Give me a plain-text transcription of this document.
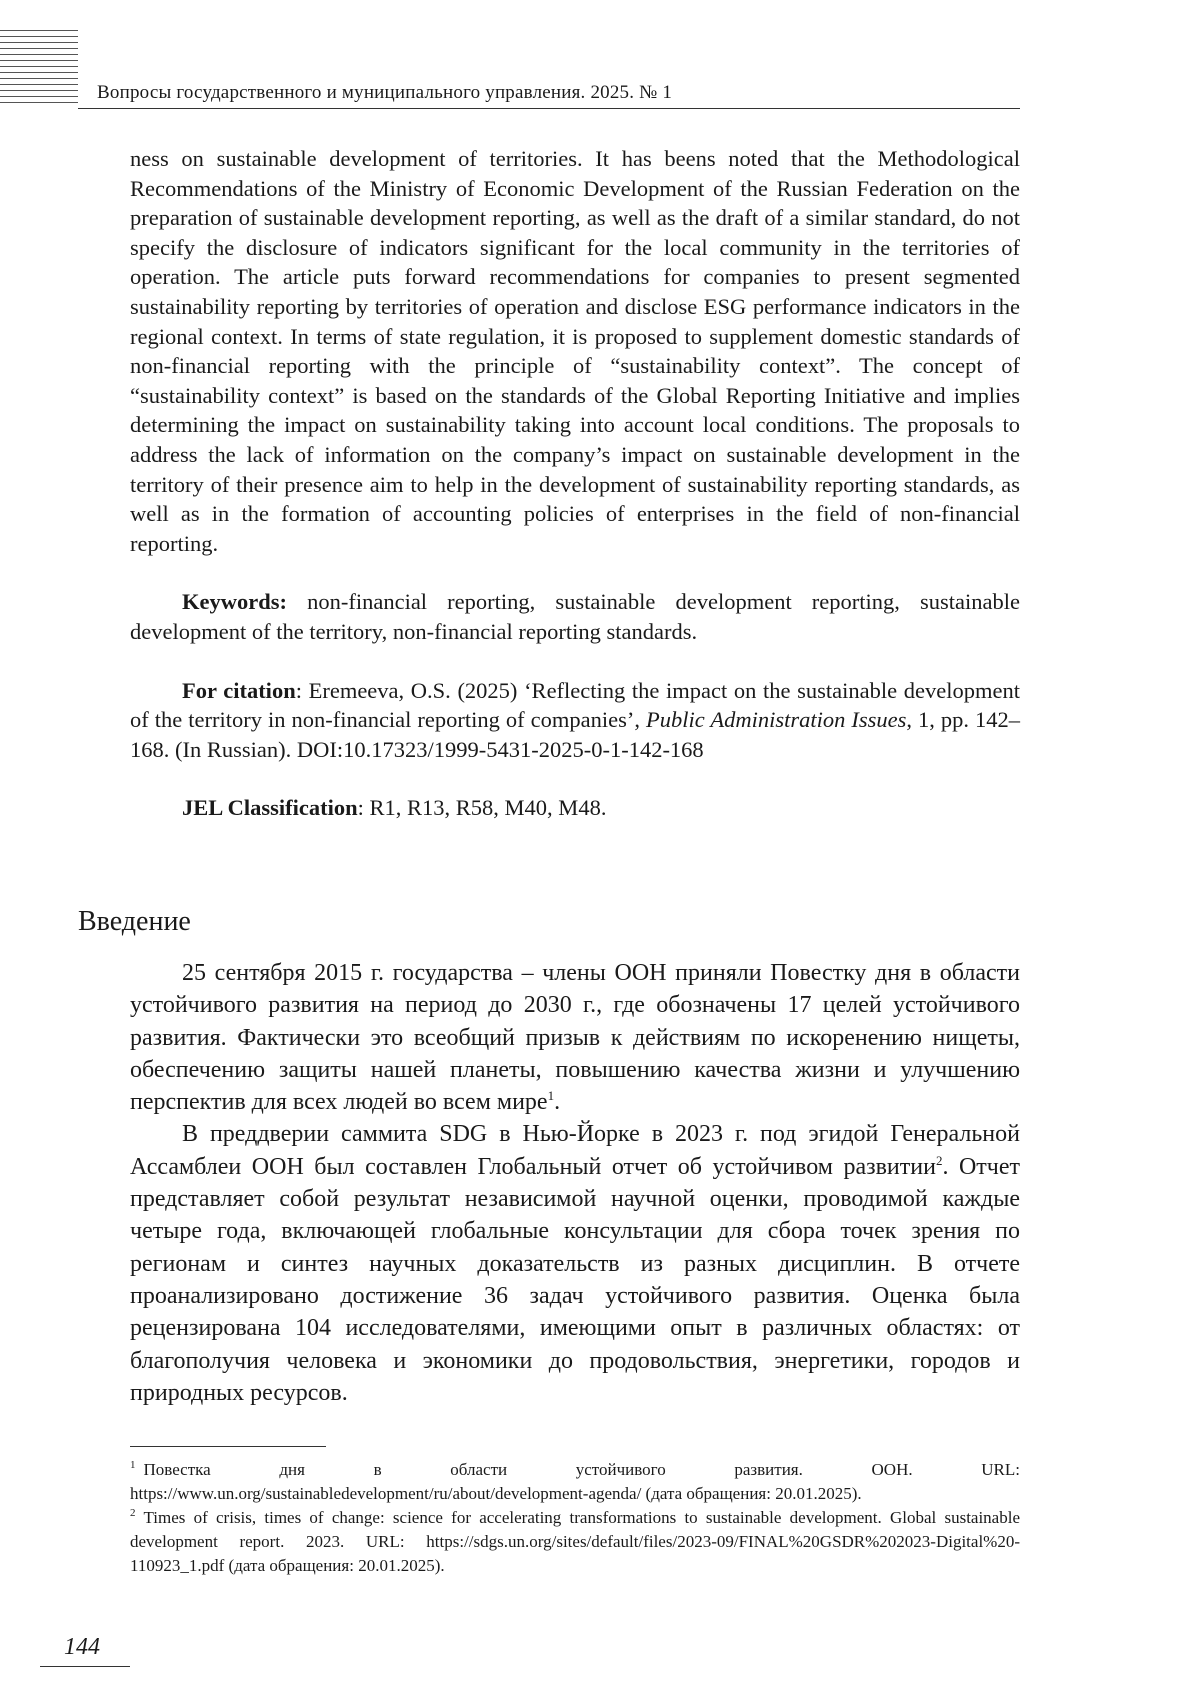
Вопросы государственного и муниципального управления. 2025. № 1

ness on sustainable development of territories. It has beens noted that the Methodological Recommendations of the Ministry of Economic Development of the Russian Federation on the preparation of sustainable development reporting, as well as the draft of a similar standard, do not specify the disclosure of indicators significant for the local community in the territories of operation. The article puts forward recommendations for companies to present segmented sustainability reporting by territories of operation and disclose ESG performance indicators in the regional context. In terms of state regulation, it is proposed to supplement domestic standards of non-financial reporting with the principle of “sustainability context”. The concept of “sustainability context” is based on the standards of the Global Reporting Initiative and implies determining the impact on sustainability taking into account local conditions. The proposals to address the lack of information on the company’s impact on sustainable development in the territory of their presence aim to help in the development of sustainability reporting standards, as well as in the formation of accounting policies of enterprises in the field of non-financial reporting.

Keywords: non-financial reporting, sustainable development reporting, sustainable development of the territory, non-financial reporting standards.

For citation: Eremeeva, O.S. (2025) ‘Reflecting the impact on the sustainable development of the territory in non-financial reporting of companies’, Public Administration Issues, 1, pp. 142–168. (In Russian). DOI:10.17323/1999-5431-2025-0-1-142-168

JEL Classification: R1, R13, R58, M40, M48.

Введение

25 сентября 2015 г. государства – члены ООН приняли Повестку дня в области устойчивого развития на период до 2030 г., где обозначены 17 целей устойчивого развития. Фактически это всеобщий призыв к действиям по искоренению нищеты, обеспечению защиты нашей планеты, повышению качества жизни и улучшению перспектив для всех людей во всем мире$^1$.

В преддверии саммита SDG в Нью-Йорке в 2023 г. под эгидой Генеральной Ассамблеи ООН был составлен Глобальный отчет об устойчивом развитии$^2$. Отчет представляет собой результат независимой научной оценки, проводимой каждые четыре года, включающей глобальные консультации для сбора точек зрения по регионам и синтез научных доказательств из разных дисциплин. В отчете проанализировано достижение 36 задач устойчивого развития. Оценка была рецензирована 104 исследователями, имеющими опыт в различных областях: от благополучия человека и экономики до продовольствия, энергетики, городов и природных ресурсов.

$^1$ Повестка дня в области устойчивого развития. ООН. URL: https://www.un.org/sustainabledevelopment/ru/about/development-agenda/ (дата обращения: 20.01.2025).

$^2$ Times of crisis, times of change: science for accelerating transformations to sustainable development. Global sustainable development report. 2023. URL: https://sdgs.un.org/sites/default/files/2023-09/FINAL%20GSDR%202023-Digital%20-110923_1.pdf (дата обращения: 20.01.2025).

144
